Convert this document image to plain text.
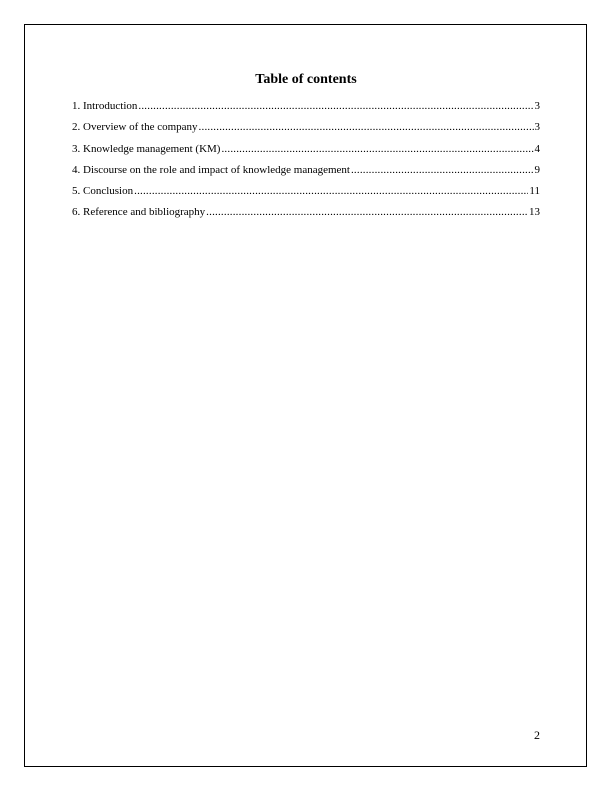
Table of contents
1. Introduction .....	3
2. Overview of the company .....	3
3. Knowledge management (KM) .....	4
4. Discourse on the role and impact of knowledge management .....	9
5. Conclusion .....	11
6. Reference and bibliography .....	13
2
